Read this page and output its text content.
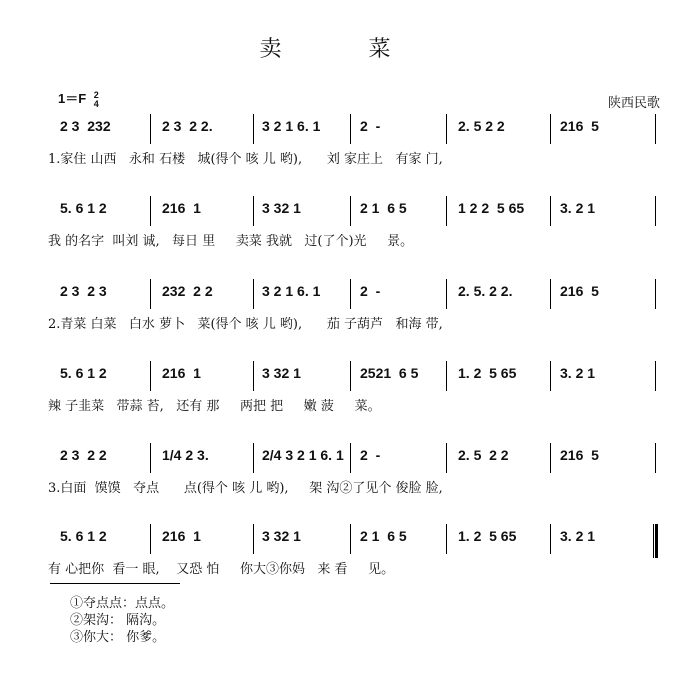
卖 菜
1＝F 2
4	陕西民歌
2 3  232	2 3  2 2.	3 2 1 6. 1	2  -	2. 5 2 2	216  5
1.家住 山西   永和 石楼   城(得个 咳 儿 哟),      刘 家庄上   有家 门,
5. 6 1 2	216  1	3 32 1	2 1  6 5	1 2 2  5 65	3. 2 1
我 的名字  叫刘 诚,   每日 里     卖菜 我就   过(了个)光     景。
2 3  2 3	232  2 2	3 2 1 6. 1	2  -	2. 5. 2 2.	216  5
2.青菜 白菜   白水 萝卜   菜(得个 咳 儿 哟),      茄 子葫芦   和海 带,
5. 6 1 2	216  1	3 32 1	2521  6 5	1. 2  5 65	3. 2 1
辣 子韭菜   带蒜 苔,   还有 那     两把 把     嫩 菠     菜。
2 3  2 2	1/4 2 3.	2/4 3 2 1 6. 1 2  -	2. 5  2 2	216  5
3.白面  馍馍   夺点      点(得个 咳 儿 哟),     架 沟②了见个 俊脸 脸,
5. 6 1 2	216  1	3 32 1	2 1  6 5	1. 2  5 65	3. 2 1
有 心把你  看一 眼,    又恐 怕     你大③你妈   来 看     见。
①夺点点：点点。
②架沟： 隔沟。
③你大： 你爹。
